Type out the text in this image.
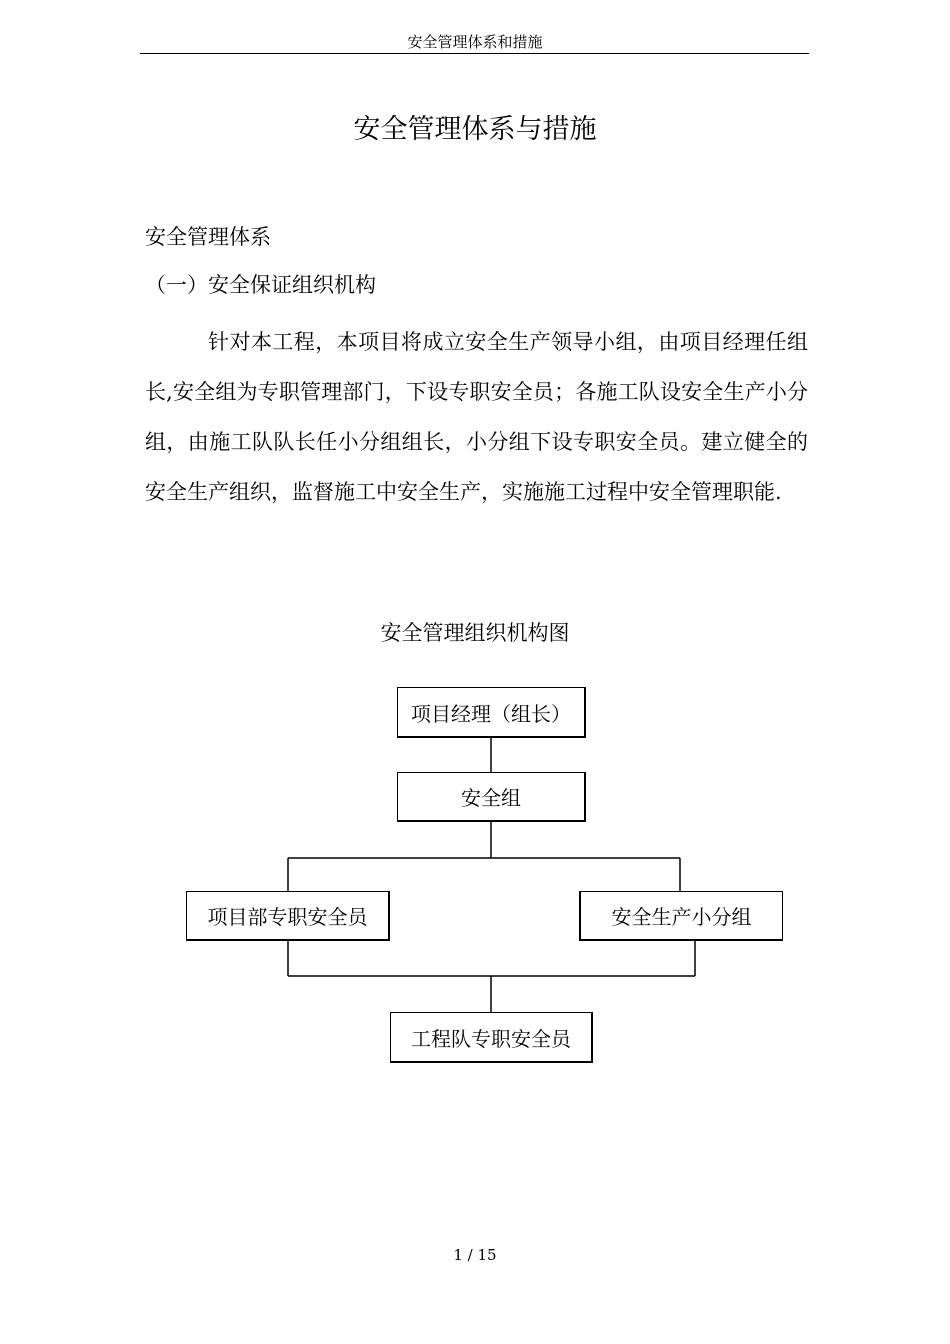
安全管理体系和措施
安全管理体系与措施
安全管理体系
（一）安全保证组织机构

针对本工程，本项目将成立安全生产领导小组，由项目经理任组长,安全组为专职管理部门，下设专职安全员；各施工队设安全生产小分组，由施工队队长任小分组组长，小分组下设专职安全员。建立健全的安全生产组织，监督施工中安全生产，实施施工过程中安全管理职能.

安全管理组织机构图
项目经理（组长）
安全组
项目部专职安全员	安全生产小分组
工程队专职安全员
1 / 15
